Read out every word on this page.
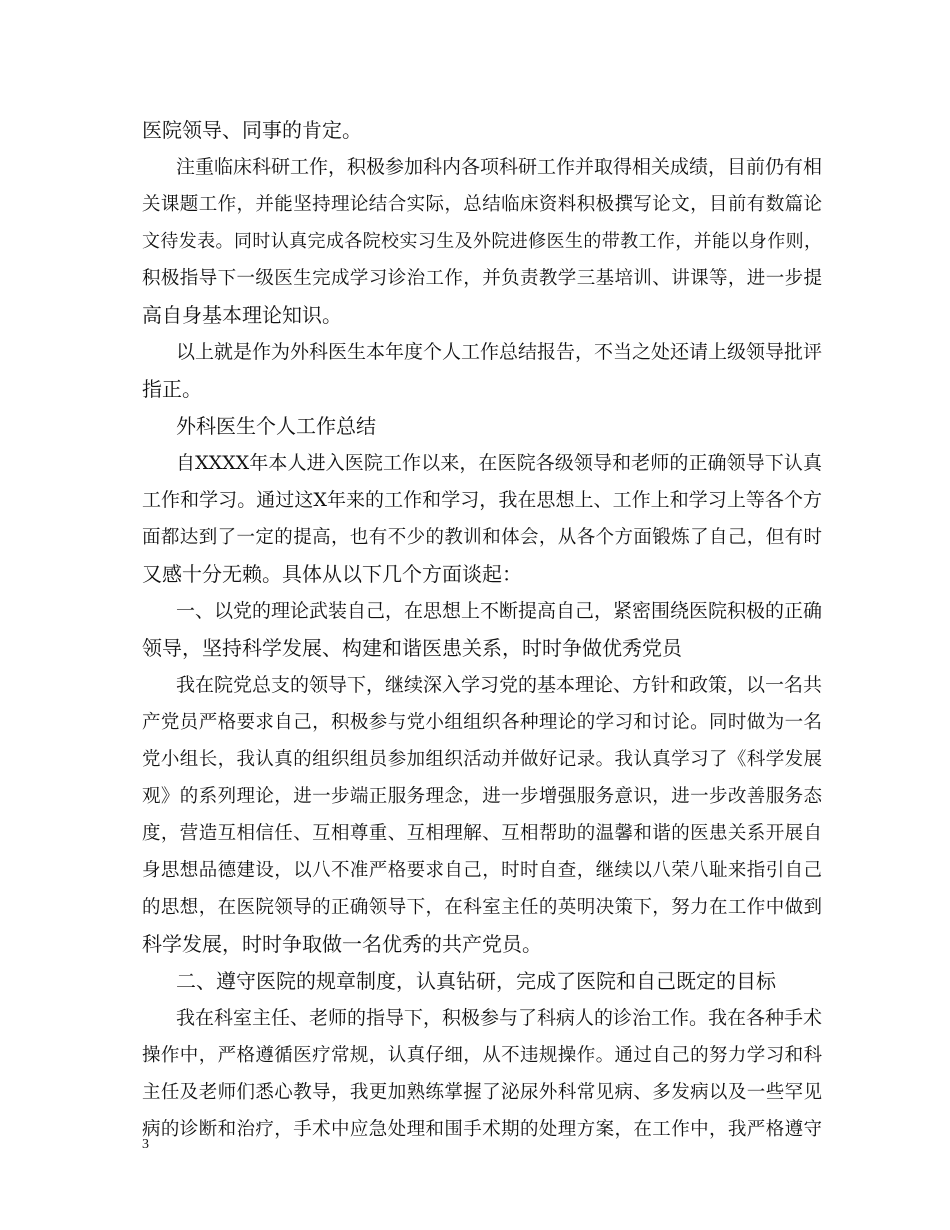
医院领导、同事的肯定。
注重临床科研工作，积极参加科内各项科研工作并取得相关成绩，目前仍有相
关课题工作，并能坚持理论结合实际，总结临床资料积极撰写论文，目前有数篇论
文待发表。同时认真完成各院校实习生及外院进修医生的带教工作，并能以身作则，
积极指导下一级医生完成学习诊治工作，并负责教学三基培训、讲课等，进一步提
高自身基本理论知识。
以上就是作为外科医生本年度个人工作总结报告，不当之处还请上级领导批评
指正。
外科医生个人工作总结
自XXXX年本人进入医院工作以来，在医院各级领导和老师的正确领导下认真
工作和学习。通过这X年来的工作和学习，我在思想上、工作上和学习上等各个方
面都达到了一定的提高，也有不少的教训和体会，从各个方面锻炼了自己，但有时
又感十分无赖。具体从以下几个方面谈起：
一、以党的理论武装自己，在思想上不断提高自己，紧密围绕医院积极的正确
领导，坚持科学发展、构建和谐医患关系，时时争做优秀党员
我在院党总支的领导下，继续深入学习党的基本理论、方针和政策，以一名共
产党员严格要求自己，积极参与党小组组织各种理论的学习和讨论。同时做为一名
党小组长，我认真的组织组员参加组织活动并做好记录。我认真学习了《科学发展
观》的系列理论，进一步端正服务理念，进一步增强服务意识，进一步改善服务态
度，营造互相信任、互相尊重、互相理解、互相帮助的温馨和谐的医患关系开展自
身思想品德建设，以八不准严格要求自己，时时自查，继续以八荣八耻来指引自己
的思想，在医院领导的正确领导下，在科室主任的英明决策下，努力在工作中做到
科学发展，时时争取做一名优秀的共产党员。
二、遵守医院的规章制度，认真钻研，完成了医院和自己既定的目标
我在科室主任、老师的指导下，积极参与了科病人的诊治工作。我在各种手术
操作中，严格遵循医疗常规，认真仔细，从不违规操作。通过自己的努力学习和科
主任及老师们悉心教导，我更加熟练掌握了泌尿外科常见病、多发病以及一些罕见
病的诊断和治疗，手术中应急处理和围手术期的处理方案，在工作中，我严格遵守
3
